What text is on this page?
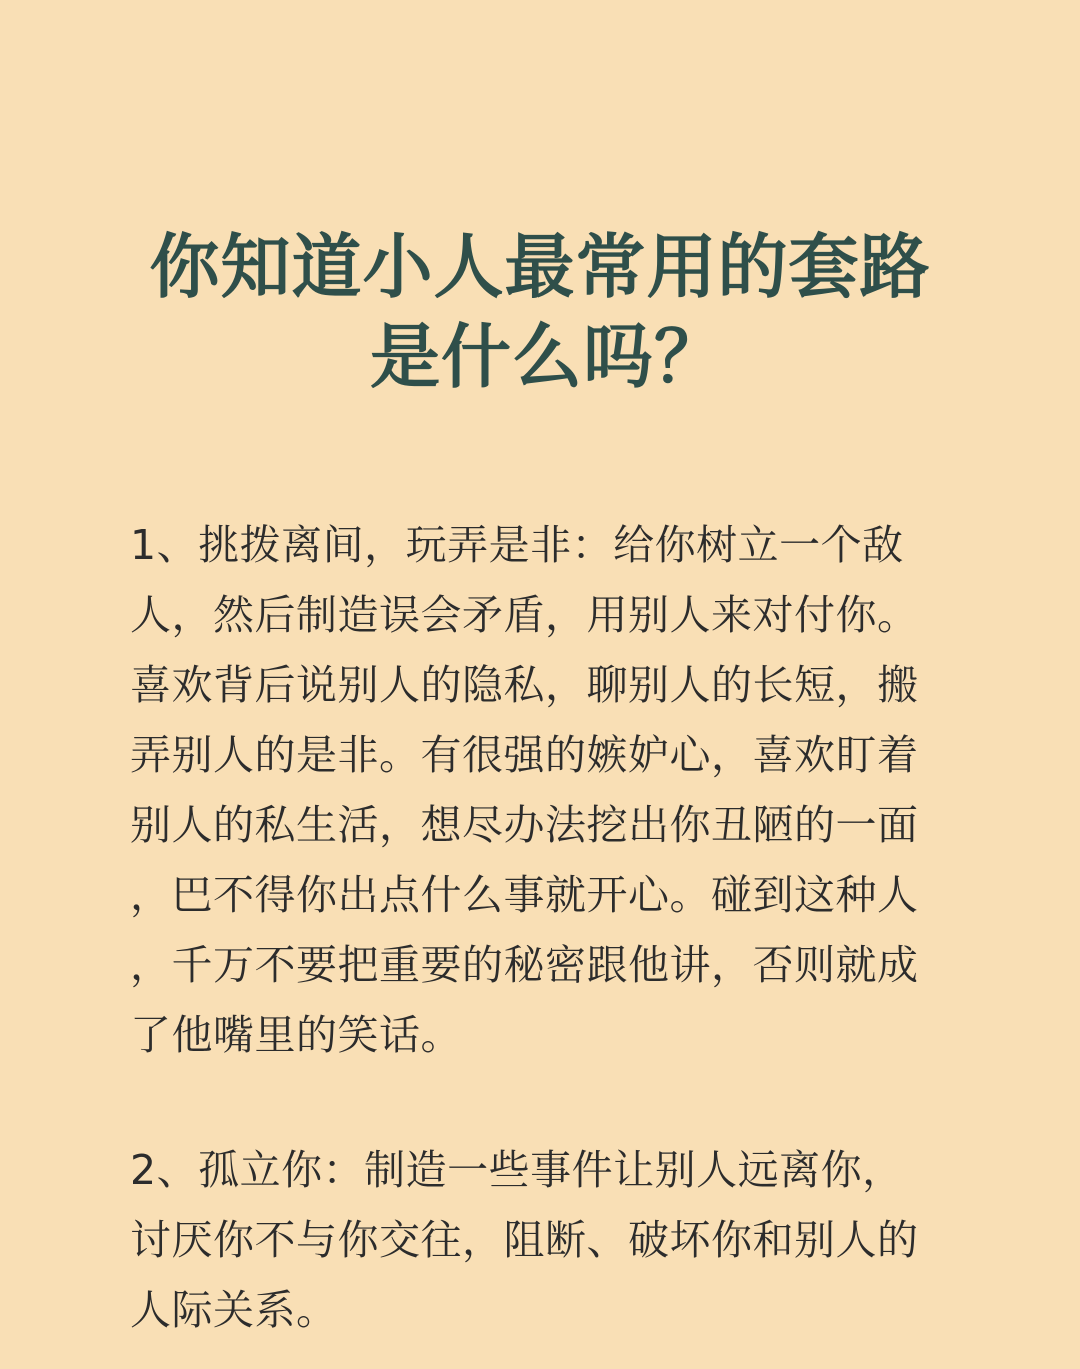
你知道小人最常用的套路
是什么吗？
1、挑拨离间，玩弄是非：给你树立一个敌
人，然后制造误会矛盾，用别人来对付你。
喜欢背后说别人的隐私，聊别人的长短，搬
弄别人的是非。有很强的嫉妒心，喜欢盯着
别人的私生活，想尽办法挖出你丑陋的一面
，巴不得你出点什么事就开心。碰到这种人
，千万不要把重要的秘密跟他讲，否则就成
了他嘴里的笑话。
2、孤立你：制造一些事件让别人远离你，
讨厌你不与你交往，阻断、破坏你和别人的
人际关系。
